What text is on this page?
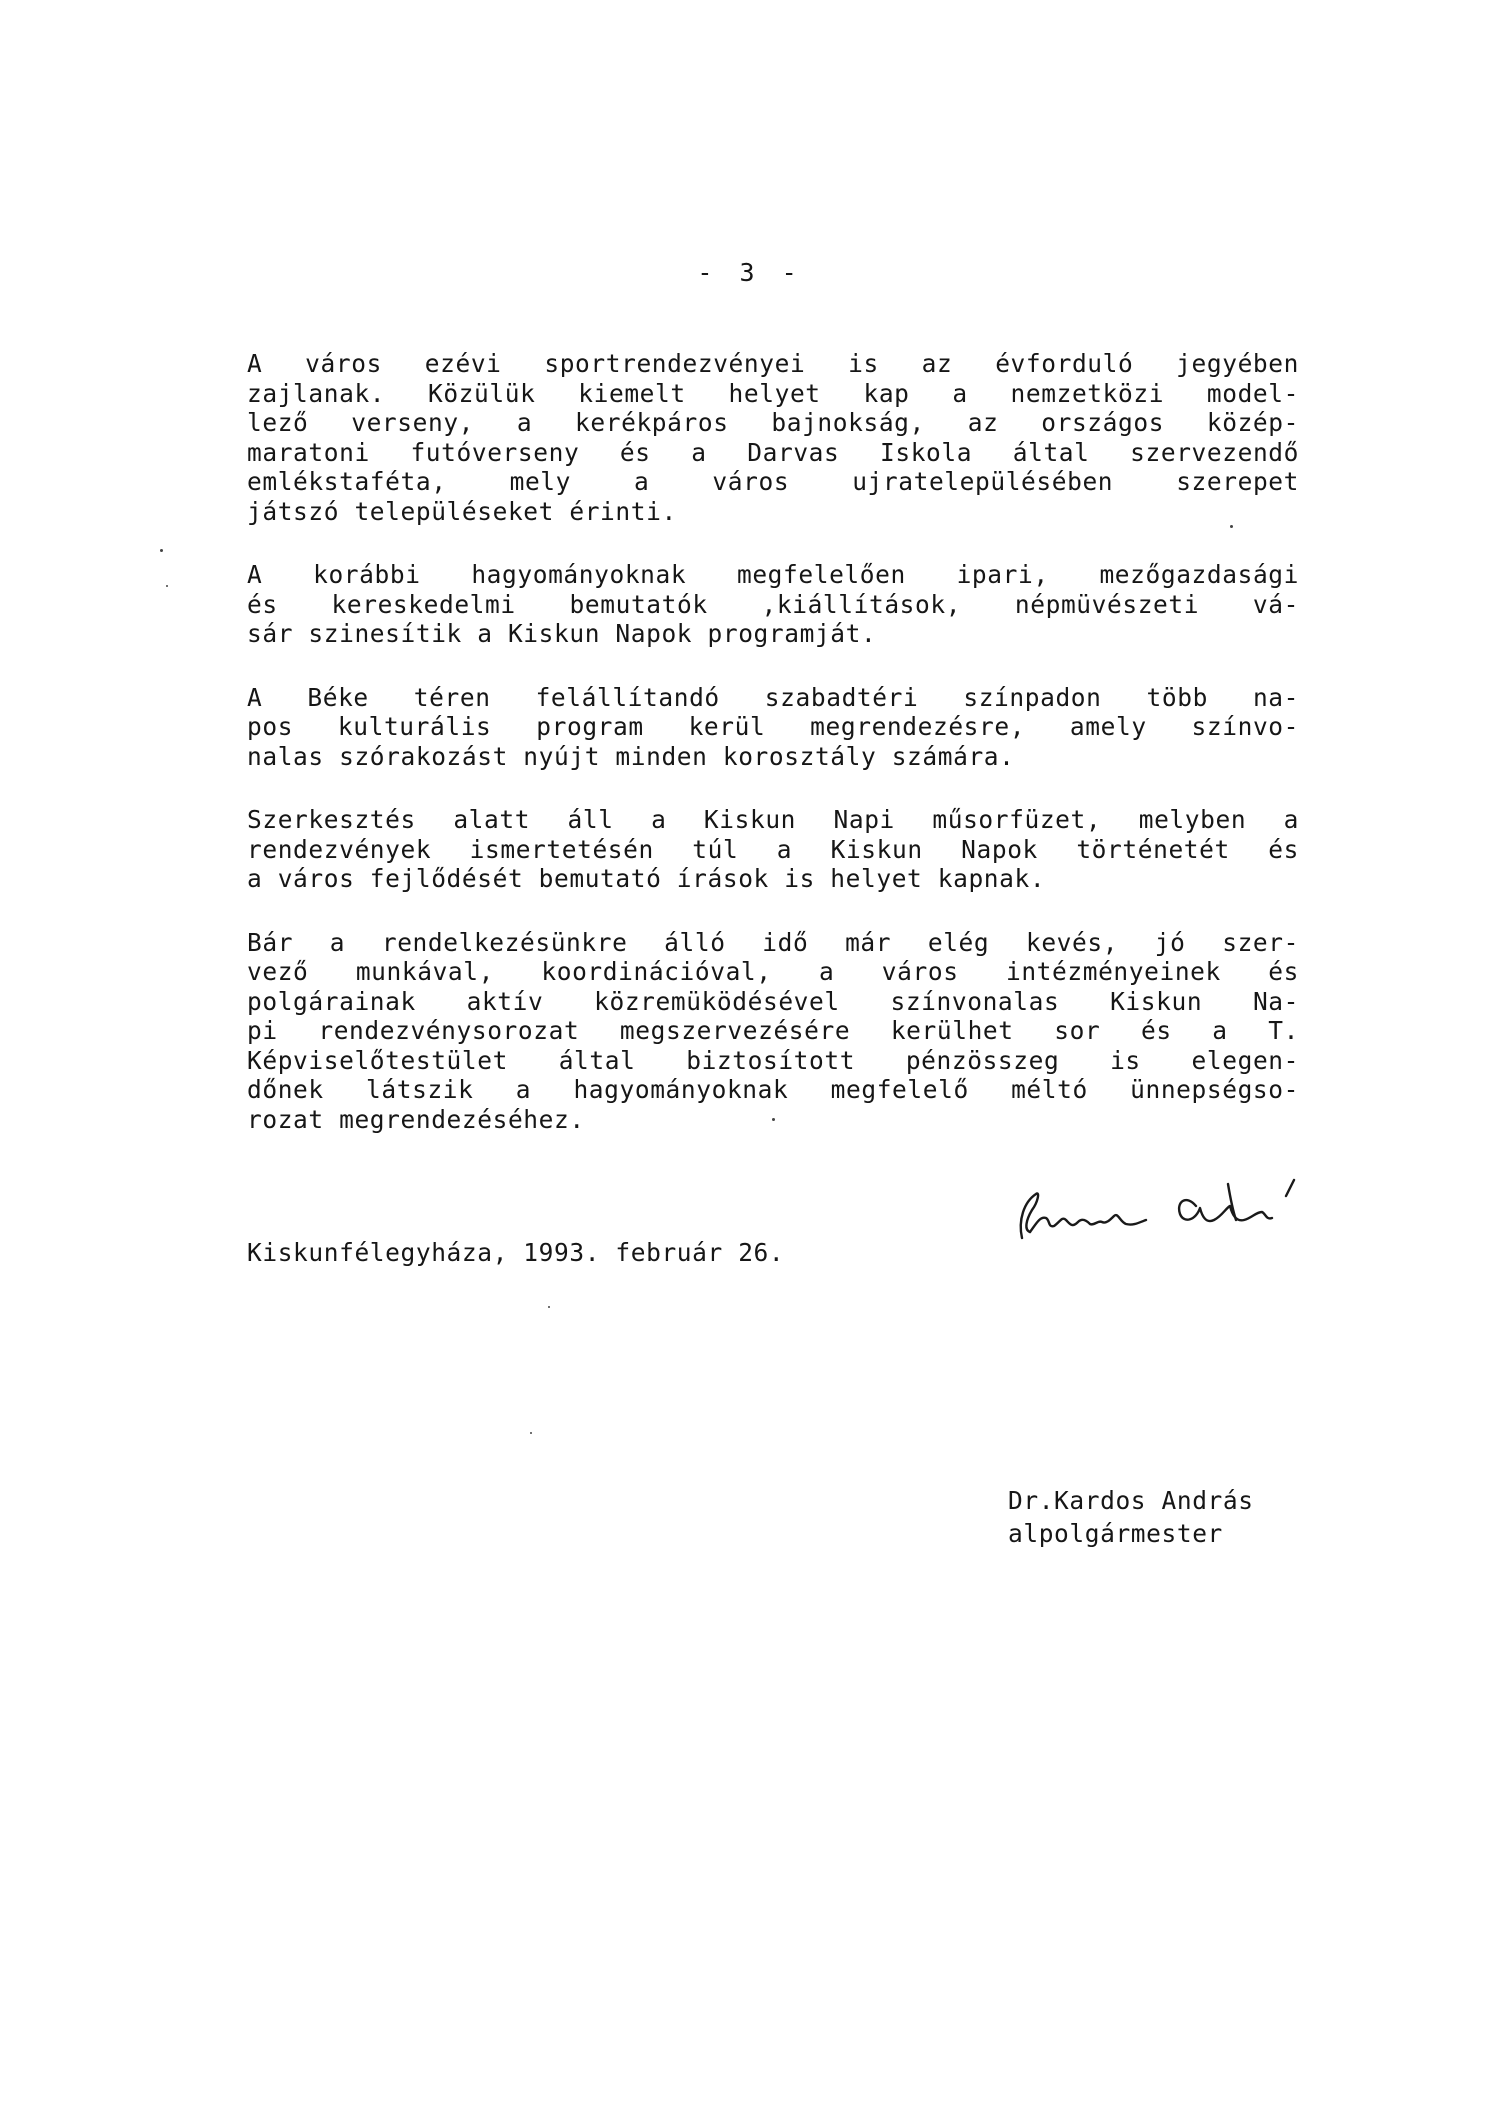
- 3 -
A város ezévi sportrendezvényei is az évforduló jegyében
zajlanak. Közülük kiemelt helyet kap a nemzetközi model-
lező verseny, a kerékpáros bajnokság, az országos közép-
maratoni futóverseny és a Darvas Iskola által szervezendő
emlékstaféta, mely a város ujratelepülésében szerepet
játszó településeket érinti.
A korábbi hagyományoknak megfelelően ipari, mezőgazdasági
és kereskedelmi bemutatók ,kiállítások, népmüvészeti vá-
sár szinesítik a Kiskun Napok programját.
A Béke téren felállítandó szabadtéri színpadon több na-
pos kulturális program kerül megrendezésre, amely színvo-
nalas szórakozást nyújt minden korosztály számára.
Szerkesztés alatt áll a Kiskun Napi műsorfüzet, melyben a
rendezvények ismertetésén túl a Kiskun Napok történetét és
a város fejlődését bemutató írások is helyet kapnak.
Bár a rendelkezésünkre álló idő már elég kevés, jó szer-
vező munkával, koordinációval, a város intézményeinek és
polgárainak aktív közremüködésével színvonalas Kiskun Na-
pi rendezvénysorozat megszervezésére kerülhet sor és a T.
Képviselőtestület által biztosított pénzösszeg is elegen-
dőnek látszik a hagyományoknak megfelelő méltó ünnepségso-
rozat megrendezéséhez.
Kiskunfélegyháza, 1993. február 26.
Dr.Kardos András
alpolgármester
